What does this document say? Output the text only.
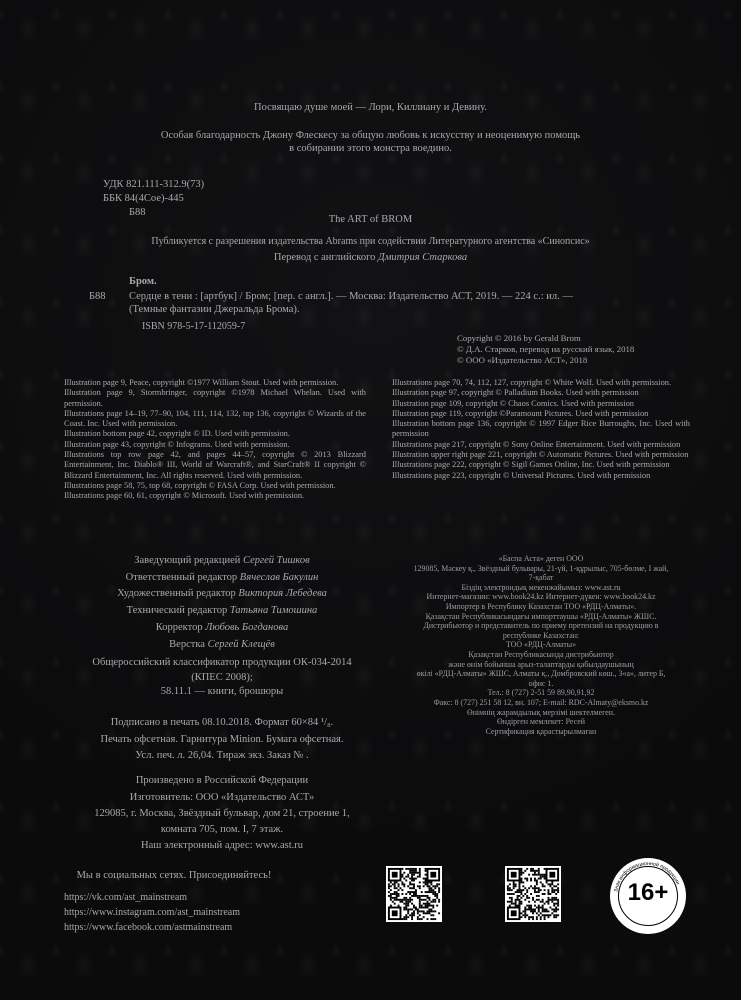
Посвящаю душе моей — Лори, Киллиану и Девину.
Особая благодарность Джону Флескесу за общую любовь к искусству и неоценимую помощь
в собирании этого монстра воедино.
УДК 821.111-312.9(73)
ББК 84(4Сое)-445
Б88
The ART of BROM
Публикуется с разрешения издательства Abrams при содействии Литературного агентства «Синопсис»
Перевод с английского Дмитрия Старкова
Бром.
Б88 Сердце в тени : [артбук] / Бром; [пер. с англ.]. — Москва: Издательство АСТ, 2019. — 224 с.: ил. —
(Темные фантазии Джеральда Брома).
ISBN 978-5-17-112059-7
Copyright © 2016 by Gerald Brom
© Д.А. Старков, перевод на русский язык, 2018
© ООО «Издательство АСТ», 2018
Illustration page 9, Peace, copyright ©1977 William Stout. Used with permission.
Illustration page 9, Stormbringer, copyright ©1978 Michael Whelan. Used with permission.
Illustrations page 14–19, 77–90, 104, 111, 114, 132, top 136, copyright © Wizards of the Coast. Inc. Used with permission.
Illustration bottom page 42, copyright © ID. Used with permission.
Illustration page 43, copyright © Infograms. Used with permission.
Illustrations top row page 42, and pages 44–57, copyright © 2013 Blizzard Entertainment, Inc. Diablo® III, World of Warcraft®, and StarCraft® II copyright © Blizzard Entertainment, Inc. All rights reserved. Used with permission.
Illustrations page 58, 75, top 68, copyright © FASA Corp. Used with permission.
Illustrations page 60, 61, copyright © Microsoft. Used with permission.
Illustrations page 70, 74, 112, 127, copyright © White Wolf. Used with permission.
Illustration page 97, copyright © Palladium Books. Used with permission
Illustration page 109, copyright © Chaos Comics. Used with permission
Illustration page 119, copyright ©Paramount Pictures. Used with permission
Illustration bottom page 136, copyright © 1997 Edger Rice Burroughs, Inc. Used with permission
Illustrations page 217, copyright © Sony Online Entertainment. Used with permission
Illustration upper right page 221, copyright © Automatic Pictures. Used with permission
Illustrations page 222, copyright © Sigil Games Online, Inc. Used with permission
Illustrations page 223, copyright © Universal Pictures. Used with permission
Заведующий редакцией Сергей Тишков
Ответственный редактор Вячеслав Бакулин
Художественный редактор Виктория Лебедева
Технический редактор Татьяна Тимошина
Корректор Любовь Богданова
Верстка Сергей Клещёв
Общероссийский классификатор продукции ОК-034-2014
(КПЕС 2008);
58.11.1 — книги, брошюры
Подписано в печать 08.10.2018. Формат 60×84 ¹/₈.
Печать офсетная. Гарнитура Minion. Бумага офсетная.
Усл. печ. л. 26,04. Тираж экз. Заказ № .
Произведено в Российской Федерации
Изготовитель: ООО «Издательство АСТ»
129085, г. Москва, Звёздный бульвар, дом 21, строение 1,
комната 705, пом. I, 7 этаж.
Наш электронный адрес: www.ast.ru
«Баспа Аста» деген ООО
129085, Мәскеу қ., Звёздный бульвары, 21-үй, 1-құрылыс, 705-бөлме, I жай,
7-қабат
Біздің электрондық мекенжайымыз: www.ast.ru
Интернет-магазин: www.book24.kz Интернет-дүкен: www.book24.kz
Импортер в Республику Казахстан ТОО «РДЦ-Алматы».
Қазақстан Республикасындағы импорттаушы «РДЦ-Алматы» ЖШС.
Дистрибьютор и представитель по приему претензий на продукцию в
республике Казахстан:
ТОО «РДЦ-Алматы»
Қазақстан Республикасында дистрибьютор
және өнім бойынша арыз-талаптарды қабылдаушының
өкілі «РДЦ-Алматы» ЖШС, Алматы қ., Домбровский көш., 3«а», литер Б,
офис 1.
Тел.: 8 (727) 2-51 59 89,90,91,92
Факс: 8 (727) 251 58 12, вн. 107; E-mail: RDC-Almaty@eksmo.kz
Өнімнің жарамдылық мерзімі шектелмеген.
Өндірген мемлекет: Ресей
Сертификация қарастырылмаған
Мы в социальных сетях. Присоединяйтесь!
https://vk.com/ast_mainstream
https://www.instagram.com/ast_mainstream
https://www.facebook.com/astmainstream
Знак информационной продукции
16+
